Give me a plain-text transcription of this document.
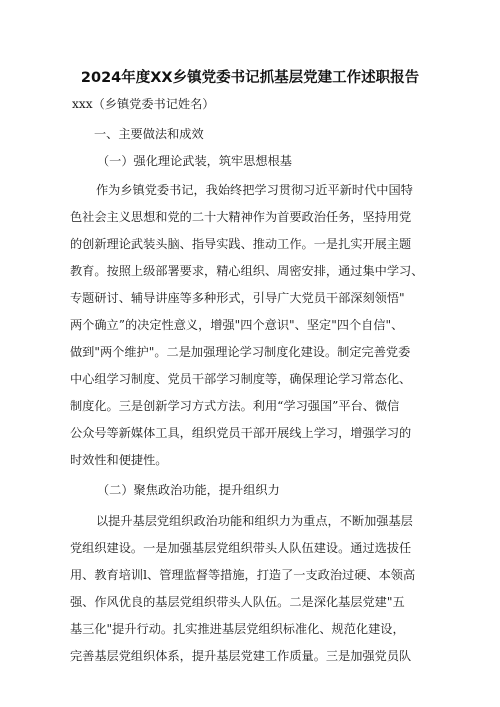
2024年度XX乡镇党委书记抓基层党建工作述职报告
xxx（乡镇党委书记姓名）
一、主要做法和成效
（一）强化理论武装，筑牢思想根基
作为乡镇党委书记，我始终把学习贯彻习近平新时代中国特
色社会主义思想和党的二十大精神作为首要政治任务，坚持用党
的创新理论武装头脑、指导实践、推动工作。一是扎实开展主题
教育。按照上级部署要求，精心组织、周密安排，通过集中学习、
专题研讨、辅导讲座等多种形式，引导广大党员干部深刻领悟"
两个确立”的决定性意义，增强"四个意识"、坚定"四个自信"、
做到"两个维护"。二是加强理论学习制度化建设。制定完善党委
中心组学习制度、党员干部学习制度等，确保理论学习常态化、
制度化。三是创新学习方式方法。利用“学习强国”平台、微信
公众号等新媒体工具，组织党员干部开展线上学习，增强学习的
时效性和便捷性。
（二）聚焦政治功能，提升组织力
以提升基层党组织政治功能和组织力为重点，不断加强基层
党组织建设。一是加强基层党组织带头人队伍建设。通过选拔任
用、教育培训l、管理监督等措施，打造了一支政治过硬、本领高
强、作风优良的基层党组织带头人队伍。二是深化基层党建"五
基三化"提升行动。扎实推进基层党组织标准化、规范化建设，
完善基层党组织体系，提升基层党建工作质量。三是加强党员队
